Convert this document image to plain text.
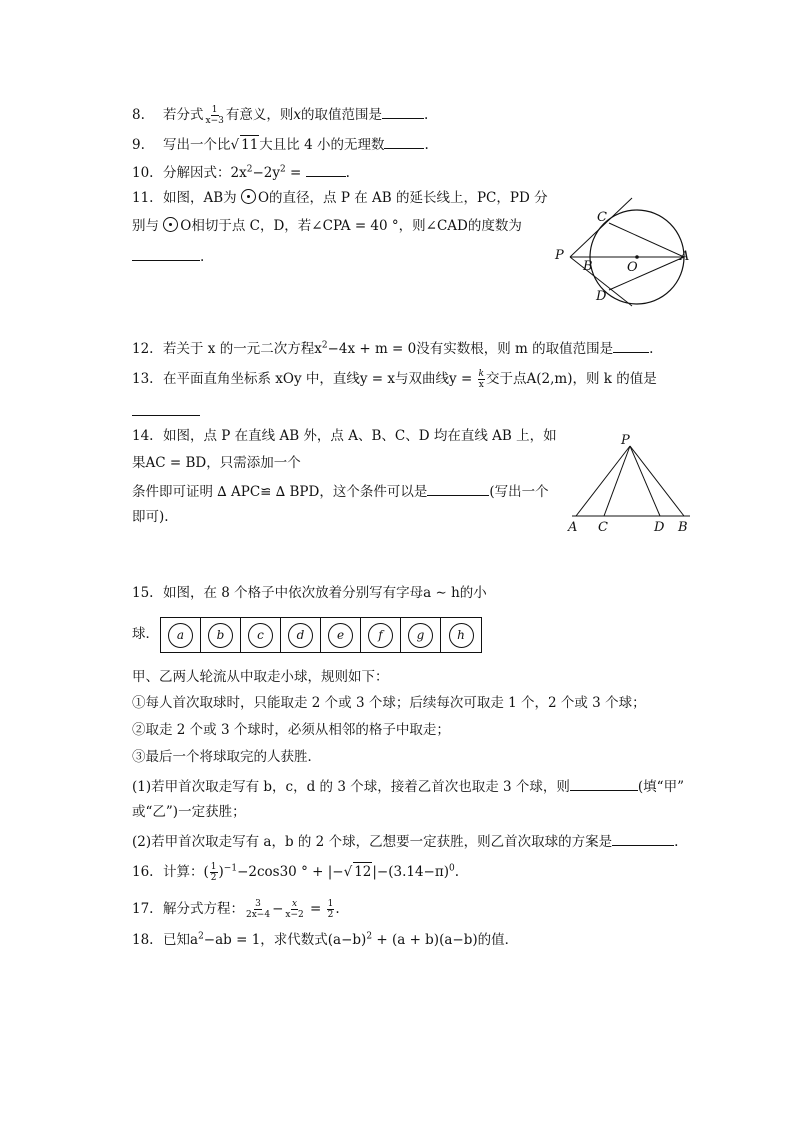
8. 若分式 $\frac{1}{x-3}$ 有意义，则x的取值范围是	.
9. 写出一个比√ 11大且比 4 小的无理数	.
10. 分解因式：$2x^2-2y^2$ =	.
11. 如图，AB为 O的直径，点 P 在 AB 的延长线上，PC，PD 分
别与 O相切于点 C，D，若∠CPA = 40 °，则∠CAD的度数为
.
C
P
B	O
A
D
12. 若关于 x 的一元二次方程$x^2-4x + m = 0$没有实数根，则 m 的取值范围是	.
13. 在平面直角坐标系 xOy 中，直线y = x与双曲线$y = \frac{k}{x}$ 交于点A(2,m)，则 k 的值是
14. 如图，点 P 在直线 AB 外，点 A、B、C、D 均在直线 AB 上，如
果AC = BD，只需添加一个
条件即可证明 ∆ APC≌ ∆ BPD，这个条件可以是	(写出一个
即可).
P
A C	D B
15. 如图，在 8 个格子中依次放着分别写有字母a ∼ h的小
球．	a	b	c	d	e	f	g	h
甲、乙两人轮流从中取走小球，规则如下：
①每人首次取球时，只能取走 2 个或 3 个球；后续每次可取走 1 个，2 个或 3 个球；
②取走 2 个或 3 个球时，必须从相邻的格子中取走；
③最后一个将球取完的人获胜．
(1)若甲首次取走写有 b，c，d 的 3 个球，接着乙首次也取走 3 个球，则	(填“甲”
或“乙”)一定获胜；
(2)若甲首次取走写有 a，b 的 2 个球，乙想要一定获胜，则乙首次取球的方案是	.
16. 计算：( $\frac{1}{2} )^{-1}-2\cos 30$ ° + |−√ $12|-(3.14-\pi)^0$.
17. 解分式方程： $\frac{3}{2x-4} - \frac{x}{x-2} = \frac{1}{2}$ .
18. 已知$a^2-ab = 1$，求代数式$(a-b)^2 + (a + b)(a-b)$的值．
